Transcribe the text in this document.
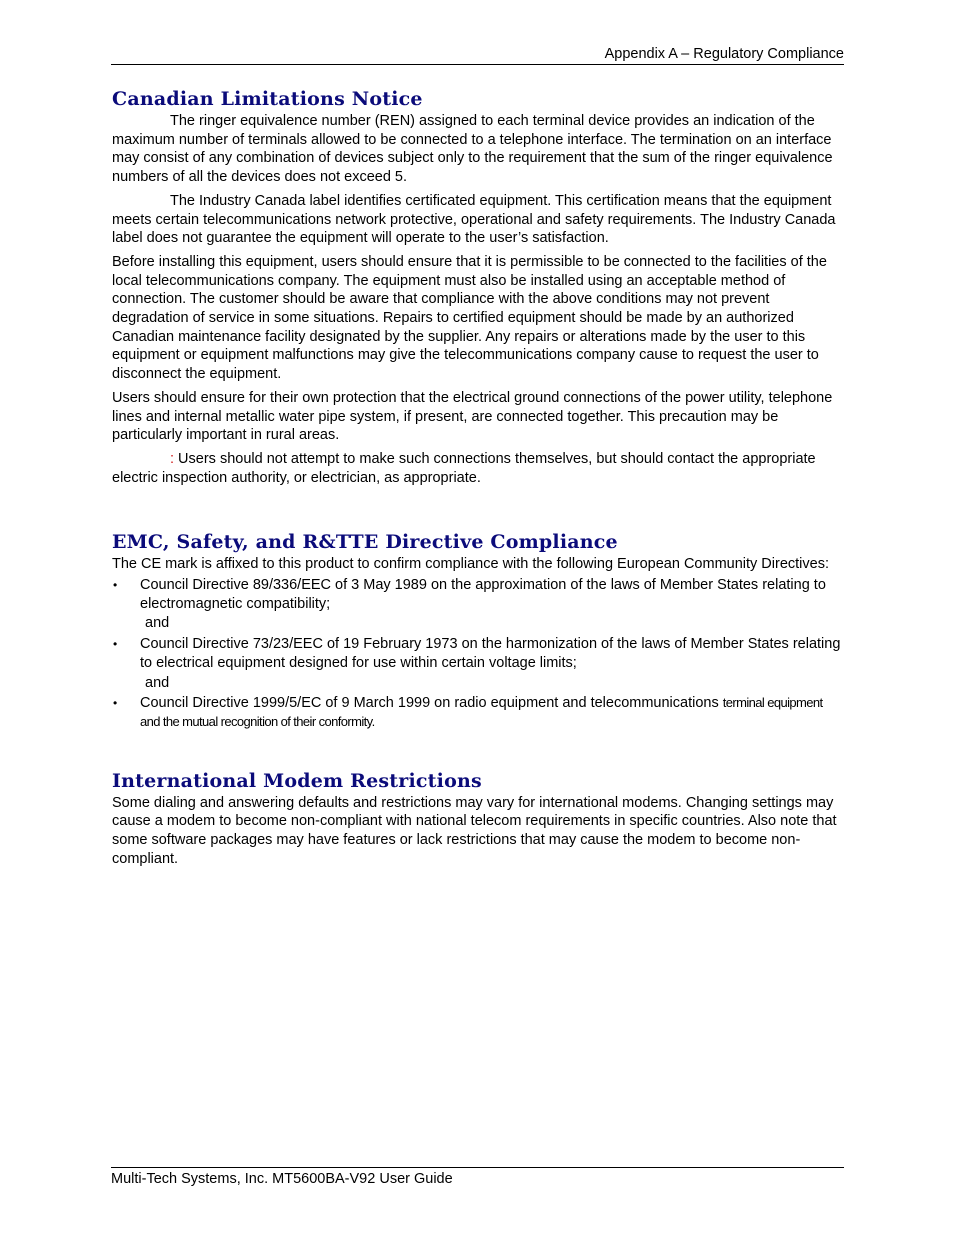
Appendix A – Regulatory Compliance
Canadian Limitations Notice

The ringer equivalence number (REN) assigned to each terminal device provides an indication of the maximum number of terminals allowed to be connected to a telephone interface. The termination on an interface may consist of any combination of devices subject only to the requirement that the sum of the ringer equivalence numbers of all the devices does not exceed 5.

The Industry Canada label identifies certificated equipment. This certification means that the equipment meets certain telecommunications network protective, operational and safety requirements. The Industry Canada label does not guarantee the equipment will operate to the user’s satisfaction.

Before installing this equipment, users should ensure that it is permissible to be connected to the facilities of the local telecommunications company. The equipment must also be installed using an acceptable method of connection. The customer should be aware that compliance with the above conditions may not prevent degradation of service in some situations. Repairs to certified equipment should be made by an authorized Canadian maintenance facility designated by the supplier. Any repairs or alterations made by the user to this equipment or equipment malfunctions may give the telecommunications company cause to request the user to disconnect the equipment.

Users should ensure for their own protection that the electrical ground connections of the power utility, telephone lines and internal metallic water pipe system, if present, are connected together. This precaution may be particularly important in rural areas.

: Users should not attempt to make such connections themselves, but should contact the appropriate electric inspection authority, or electrician, as appropriate.

EMC, Safety, and R&TTE Directive Compliance

The CE mark is affixed to this product to confirm compliance with the following European Community Directives:

• Council Directive 89/336/EEC of 3 May 1989 on the approximation of the laws of Member States relating to electromagnetic compatibility;
and
• Council Directive 73/23/EEC of 19 February 1973 on the harmonization of the laws of Member States relating to electrical equipment designed for use within certain voltage limits;
and
• Council Directive 1999/5/EC of 9 March 1999 on radio equipment and telecommunications terminal equipment and the mutual recognition of their conformity.
International Modem Restrictions

Some dialing and answering defaults and restrictions may vary for international modems. Changing settings may cause a modem to become non-compliant with national telecom requirements in specific countries. Also note that some software packages may have features or lack restrictions that may cause the modem to become non-compliant.

Multi-Tech Systems, Inc. MT5600BA-V92 User Guide
